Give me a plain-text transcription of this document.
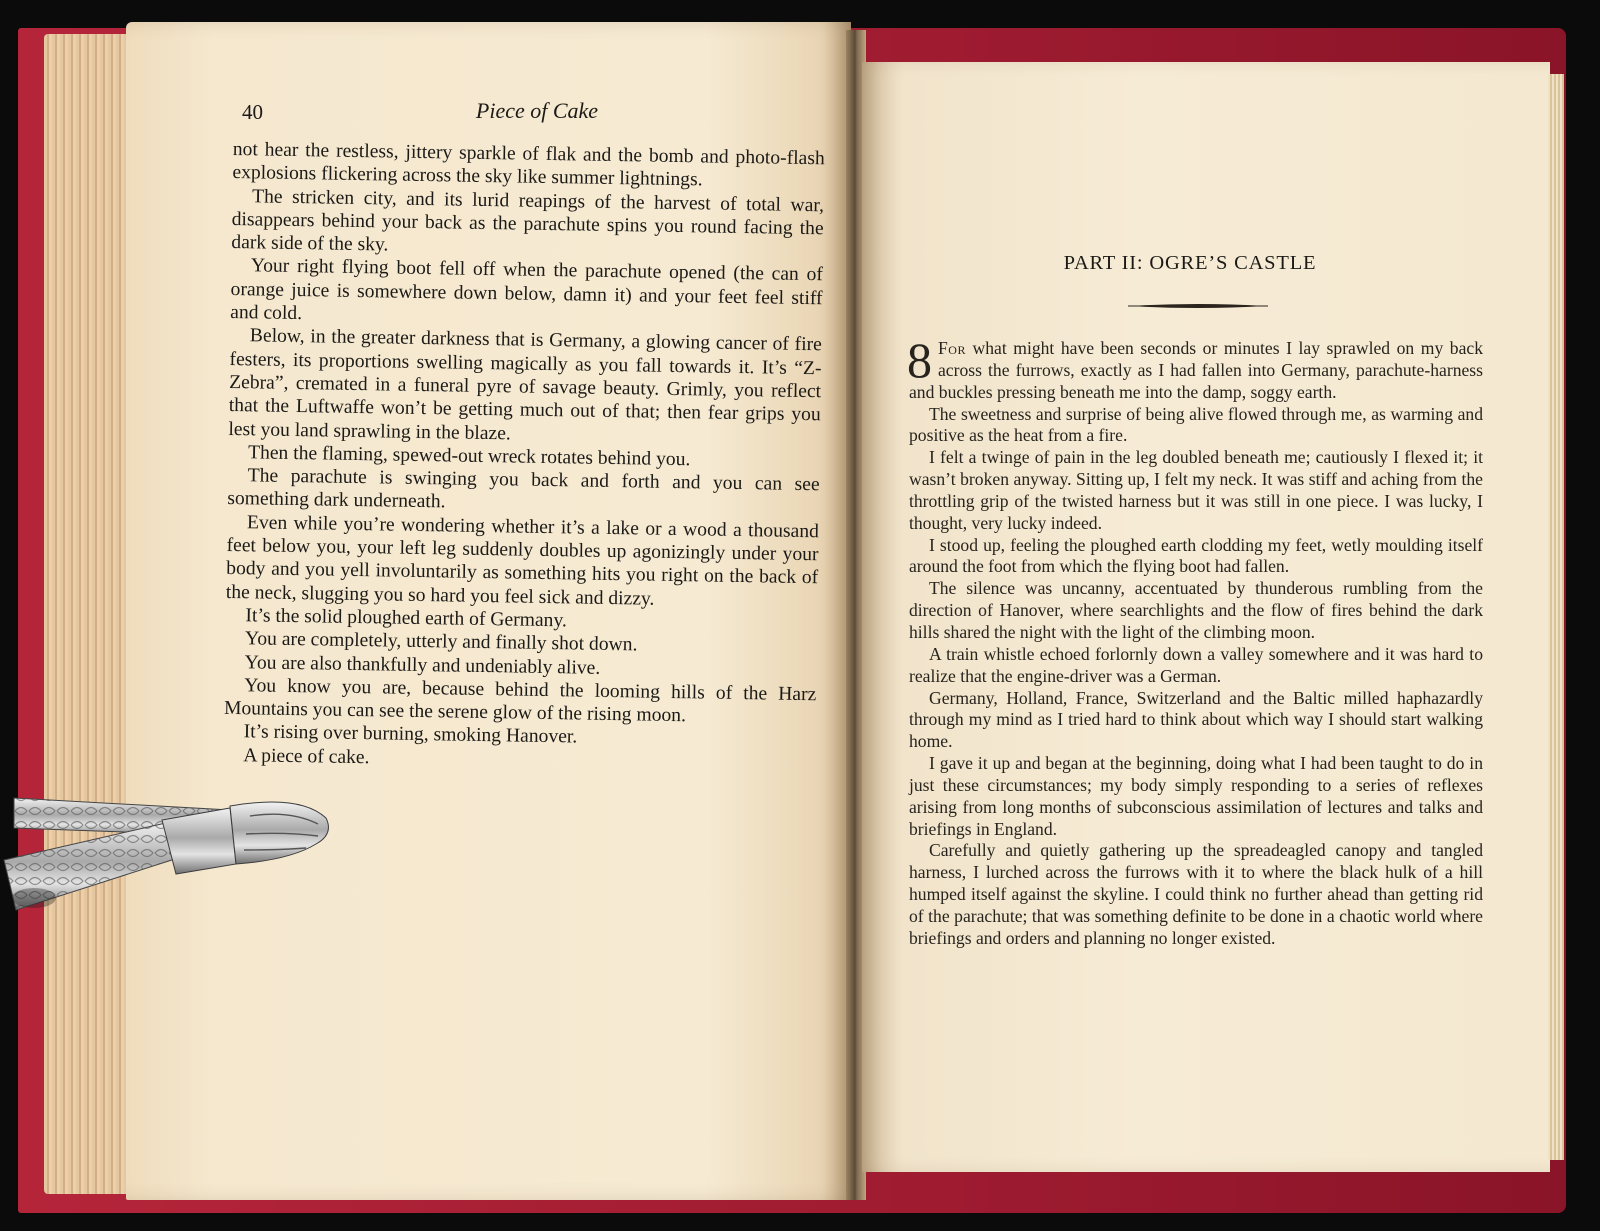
40	Piece of Cake

not hear the restless, jittery sparkle of flak and the bomb and photo-flash explosions flickering across the sky like summer lightnings.

The stricken city, and its lurid reapings of the harvest of total war, disappears behind your back as the parachute spins you round facing the dark side of the sky.

Your right flying boot fell off when the parachute opened (the can of orange juice is somewhere down below, damn it) and your feet feel stiff and cold.

Below, in the greater darkness that is Germany, a glowing cancer of fire festers, its proportions swelling magically as you fall towards it. It’s “Z-Zebra”, cremated in a funeral pyre of savage beauty. Grimly, you reflect that the Luftwaffe won’t be getting much out of that; then fear grips you lest you land sprawling in the blaze.

Then the flaming, spewed-out wreck rotates behind you.

The parachute is swinging you back and forth and you can see something dark underneath.

Even while you’re wondering whether it’s a lake or a wood a thousand feet below you, your left leg suddenly doubles up agonizingly under your body and you yell involuntarily as something hits you right on the back of the neck, slugging you so hard you feel sick and dizzy.

It’s the solid ploughed earth of Germany.

You are completely, utterly and finally shot down.

You are also thankfully and undeniably alive.

You know you are, because behind the looming hills of the Harz Mountains you can see the serene glow of the rising moon.

It’s rising over burning, smoking Hanover.

A piece of cake.

PART II: OGRE’S CASTLE

8 For what might have been seconds or minutes I lay sprawled on my back across the furrows, exactly as I had fallen into Germany, parachute-harness and buckles pressing beneath me into the damp, soggy earth.

The sweetness and surprise of being alive flowed through me, as warming and positive as the heat from a fire.

I felt a twinge of pain in the leg doubled beneath me; cautiously I flexed it; it wasn’t broken anyway. Sitting up, I felt my neck. It was stiff and aching from the throttling grip of the twisted harness but it was still in one piece. I was lucky, I thought, very lucky indeed.

I stood up, feeling the ploughed earth clodding my feet, wetly moulding itself around the foot from which the flying boot had fallen.

The silence was uncanny, accentuated by thunderous rumbling from the direction of Hanover, where searchlights and the flow of fires behind the dark hills shared the night with the light of the climbing moon.

A train whistle echoed forlornly down a valley somewhere and it was hard to realize that the engine-driver was a German.

Germany, Holland, France, Switzerland and the Baltic milled haphazardly through my mind as I tried hard to think about which way I should start walking home.

I gave it up and began at the beginning, doing what I had been taught to do in just these circumstances; my body simply responding to a series of reflexes arising from long months of subconscious assimilation of lectures and talks and briefings in England.

Carefully and quietly gathering up the spreadeagled canopy and tangled harness, I lurched across the furrows with it to where the black hulk of a hill humped itself against the skyline. I could think no further ahead than getting rid of the parachute; that was something definite to be done in a chaotic world where briefings and orders and planning no longer existed.
